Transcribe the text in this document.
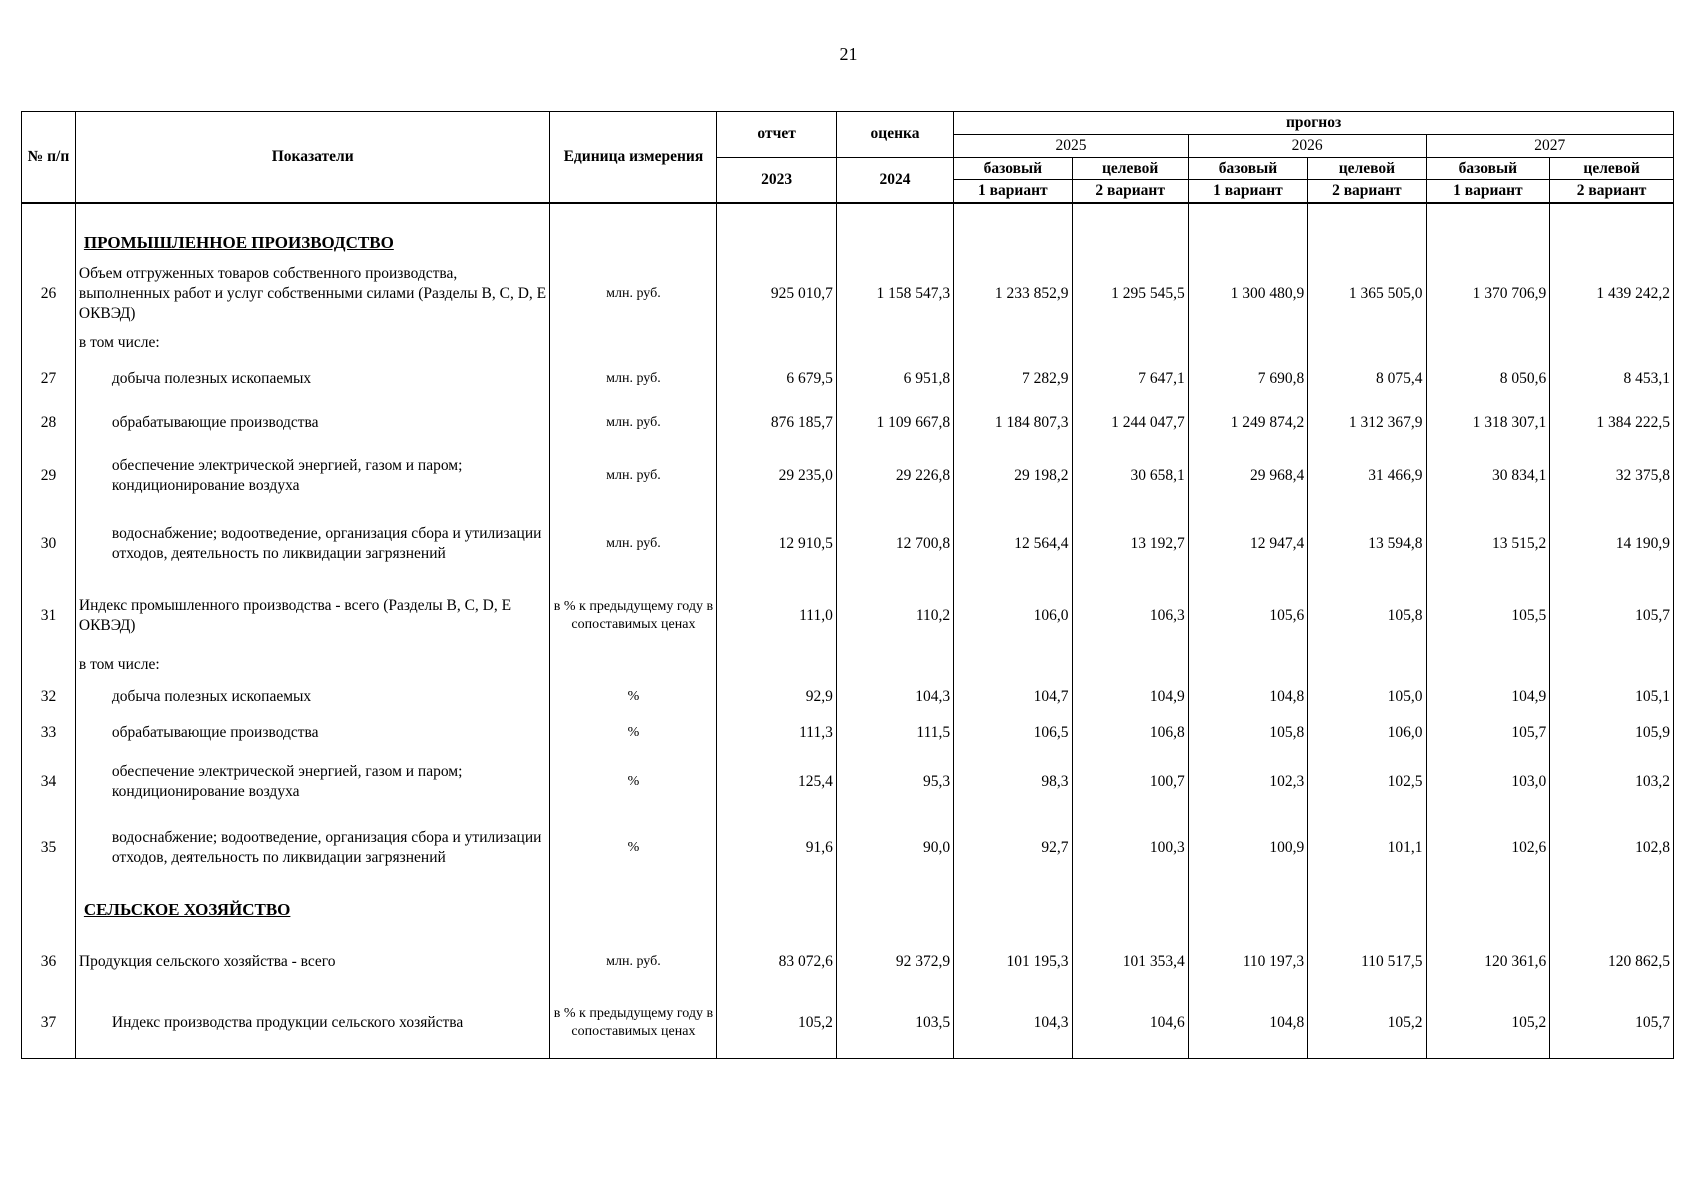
21
№ п/п	Показатели	Единица измерения	отчет	оценка	прогноз					
					2025		2026		2027	
			2023	2024	базовый	целевой	базовый	целевой	базовый	целевой
					1 вариант	2 вариант	1 вариант	2 вариант	1 вариант	2 вариант

	ПРОМЫШЛЕННОЕ ПРОИЗВОДСТВО									
26	Объем отгруженных товаров собственного производства, выполненных работ и услуг собственными силами (Разделы B, C, D, E ОКВЭД)	млн. руб.	925 010,7	1 158 547,3	1 233 852,9	1 295 545,5	1 300 480,9	1 365 505,0	1 370 706,9	1 439 242,2
	в том числе:									
27	добыча полезных ископаемых	млн. руб.	6 679,5	6 951,8	7 282,9	7 647,1	7 690,8	8 075,4	8 050,6	8 453,1
28	обрабатывающие производства	млн. руб.	876 185,7	1 109 667,8	1 184 807,3	1 244 047,7	1 249 874,2	1 312 367,9	1 318 307,1	1 384 222,5
29	обеспечение электрической энергией, газом и паром; кондиционирование воздуха	млн. руб.	29 235,0	29 226,8	29 198,2	30 658,1	29 968,4	31 466,9	30 834,1	32 375,8
30	водоснабжение; водоотведение, организация сбора и утилизации отходов, деятельность по ликвидации загрязнений	млн. руб.	12 910,5	12 700,8	12 564,4	13 192,7	12 947,4	13 594,8	13 515,2	14 190,9
31	Индекс промышленного производства - всего (Разделы B, C, D, E ОКВЭД)	в % к предыдущему году в сопоставимых ценах	111,0	110,2	106,0	106,3	105,6	105,8	105,5	105,7
	в том числе:									
32	добыча полезных ископаемых	%	92,9	104,3	104,7	104,9	104,8	105,0	104,9	105,1
33	обрабатывающие производства	%	111,3	111,5	106,5	106,8	105,8	106,0	105,7	105,9
34	обеспечение электрической энергией, газом и паром; кондиционирование воздуха	%	125,4	95,3	98,3	100,7	102,3	102,5	103,0	103,2
35	водоснабжение; водоотведение, организация сбора и утилизации отходов, деятельность по ликвидации загрязнений	%	91,6	90,0	92,7	100,3	100,9	101,1	102,6	102,8
	СЕЛЬСКОЕ ХОЗЯЙСТВО									
36	Продукция сельского хозяйства - всего	млн. руб.	83 072,6	92 372,9	101 195,3	101 353,4	110 197,3	110 517,5	120 361,6	120 862,5
37	Индекс производства продукции сельского хозяйства	в % к предыдущему году в сопоставимых ценах	105,2	103,5	104,3	104,6	104,8	105,2	105,2	105,7
